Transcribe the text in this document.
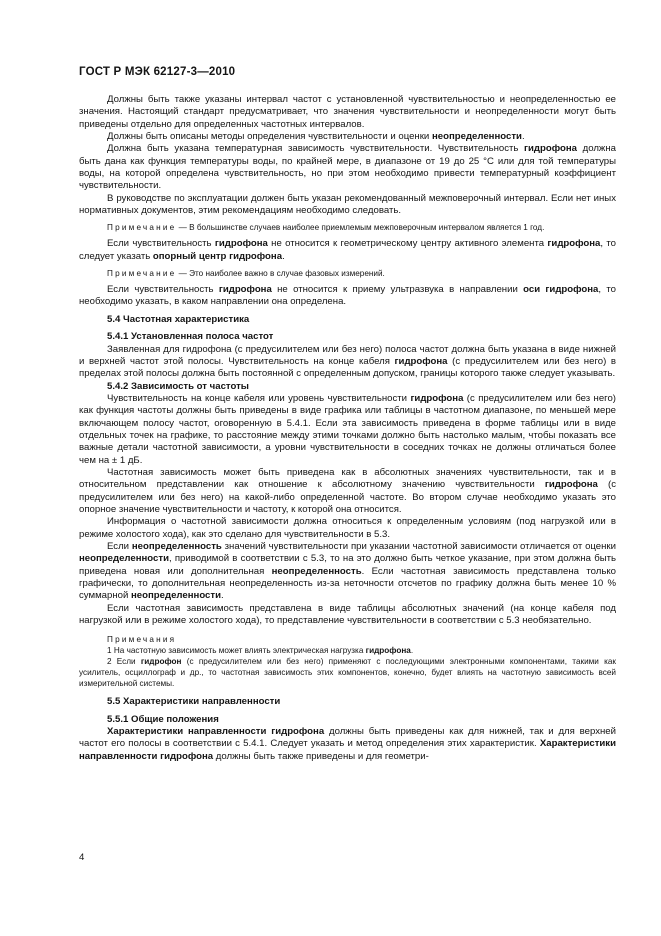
ГОСТ Р МЭК 62127-3—2010

Должны быть также указаны интервал частот с установленной чувствительностью и неопределенностью ее значения. Настоящий стандарт предусматривает, что значения чувствительности и неопределенности могут быть приведены отдельно для определенных частотных интервалов.

Должны быть описаны методы определения чувствительности и оценки неопределенности.

Должна быть указана температурная зависимость чувствительности. Чувствительность гидрофона должна быть дана как функция температуры воды, по крайней мере, в диапазоне от 19 до 25 °С или для той температуры воды, на которой определена чувствительность, но при этом необходимо привести температурный коэффициент чувствительности.

В руководстве по эксплуатации должен быть указан рекомендованный межповерочный интервал. Если нет иных нормативных документов, этим рекомендациям необходимо следовать.

Примечание — В большинстве случаев наиболее приемлемым межповерочным интервалом является 1 год.

Если чувствительность гидрофона не относится к геометрическому центру активного элемента гидрофона, то следует указать опорный центр гидрофона.

Примечание — Это наиболее важно в случае фазовых измерений.

Если чувствительность гидрофона не относится к приему ультразвука в направлении оси гидрофона, то необходимо указать, в каком направлении она определена.

5.4 Частотная характеристика

5.4.1 Установленная полоса частот

Заявленная для гидрофона (с предусилителем или без него) полоса частот должна быть указана в виде нижней и верхней частот этой полосы. Чувствительность на конце кабеля гидрофона (с предусилителем или без него) в пределах этой полосы должна быть постоянной с определенным допуском, границы которого также следует указывать.

5.4.2 Зависимость от частоты

Чувствительность на конце кабеля или уровень чувствительности гидрофона (с предусилителем или без него) как функция частоты должны быть приведены в виде графика или таблицы в частотном диапазоне, по меньшей мере включающем полосу частот, оговоренную в 5.4.1. Если эта зависимость приведена в форме таблицы или в виде отдельных точек на графике, то расстояние между этими точками должно быть настолько малым, чтобы показать все важные детали частотной зависимости, а уровни чувствительности в соседних точках не должны отличаться более чем на ± 1 дБ.

Частотная зависимость может быть приведена как в абсолютных значениях чувствительности, так и в относительном представлении как отношение к абсолютному значению чувствительности гидрофона (с предусилителем или без него) на какой-либо определенной частоте. Во втором случае необходимо указать это опорное значение чувствительности и частоту, к которой она относится.

Информация о частотной зависимости должна относиться к определенным условиям (под нагрузкой или в режиме холостого хода), как это сделано для чувствительности в 5.3.

Если неопределенность значений чувствительности при указании частотной зависимости отличается от оценки неопределенности, приводимой в соответствии с 5.3, то на это должно быть четкое указание, при этом должна быть приведена новая или дополнительная неопределенность. Если частотная зависимость представлена только графически, то дополнительная неопределенность из-за неточности отсчетов по графику должна быть менее 10 % суммарной неопределенности.

Если частотная зависимость представлена в виде таблицы абсолютных значений (на конце кабеля под нагрузкой или в режиме холостого хода), то представление чувствительности в соответствии с 5.3 необязательно.

Примечания

1 На частотную зависимость может влиять электрическая нагрузка гидрофона.

2 Если гидрофон (с предусилителем или без него) применяют с последующими электронными компонентами, такими как усилитель, осциллограф и др., то частотная зависимость этих компонентов, конечно, будет влиять на частотную зависимость всей измерительной системы.

5.5 Характеристики направленности

5.5.1 Общие положения

Характеристики направленности гидрофона должны быть приведены как для нижней, так и для верхней частот его полосы в соответствии с 5.4.1. Следует указать и метод определения этих характеристик. Характеристики направленности гидрофона должны быть также приведены и для геометри-

4
